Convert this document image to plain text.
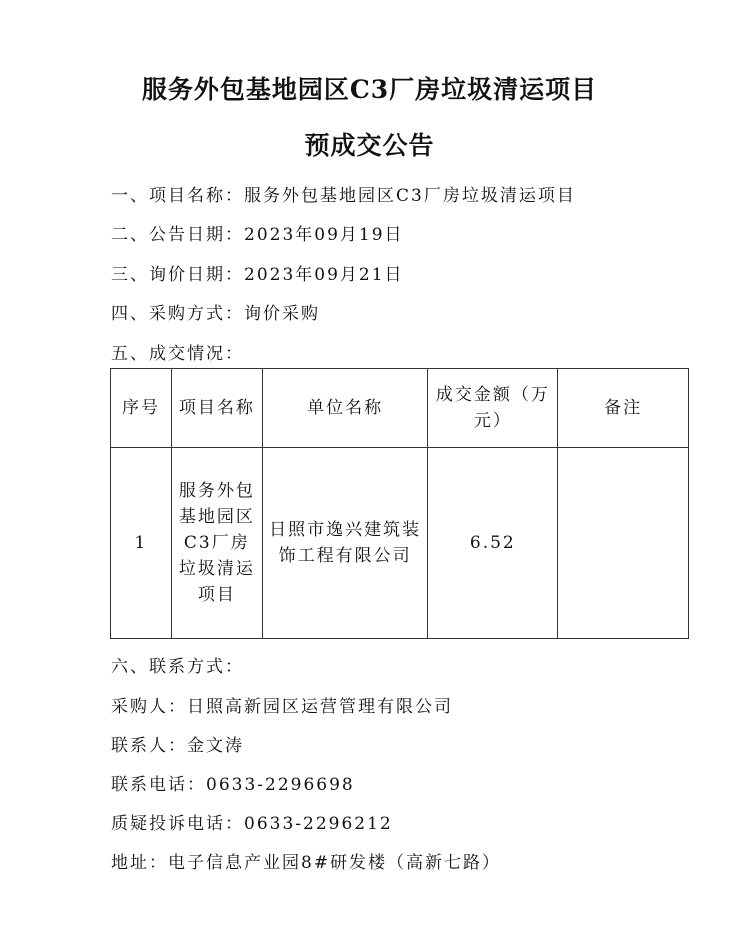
服务外包基地园区C3厂房垃圾清运项目
预成交公告
一、项目名称：服务外包基地园区C3厂房垃圾清运项目
二、公告日期：2023年09月19日
三、询价日期：2023年09月21日
四、采购方式：询价采购
五、成交情况：
序号	项目名称	单位名称	成交金额（万元）	备注
1	服务外包基地园区C3厂房垃圾清运项目	日照市逸兴建筑装饰工程有限公司	6.52	
六、联系方式：
采购人：日照高新园区运营管理有限公司
联系人：金文涛
联系电话：0633-2296698
质疑投诉电话：0633-2296212
地址：电子信息产业园8#研发楼（高新七路）
